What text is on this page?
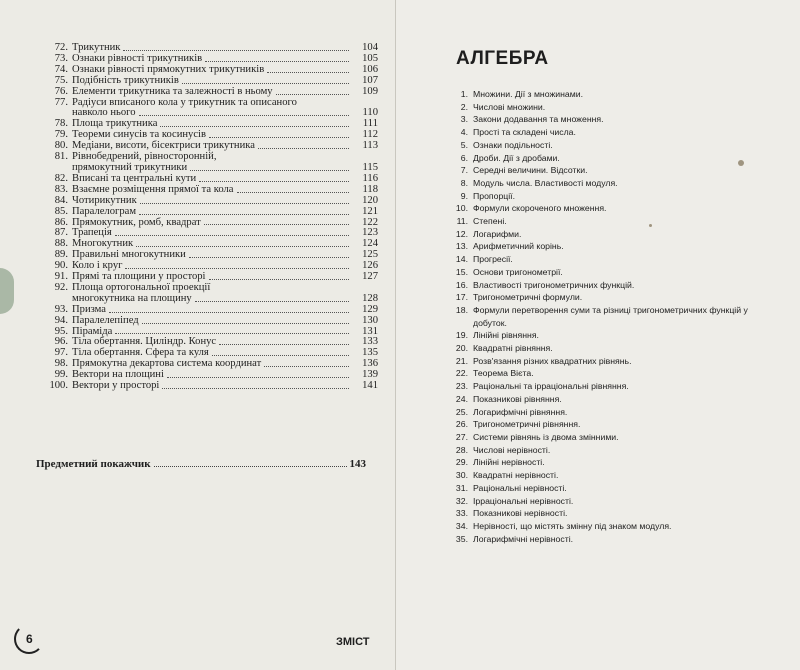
72. Трикутник	104
73. Ознаки рівності трикутників	105
74. Ознаки рівності прямокутних трикутників	106
75. Подібність трикутників	107
76. Елементи трикутника та залежності в ньому	109
77. Радіуси вписаного кола у трикутник та описаного
навколо нього	110
78. Площа трикутника	111
79. Теореми синусів та косинусів	112
80. Медіани, висоти, бісектриси трикутника	113
81. Рівнобедрений, рівносторонній,
прямокутний трикутники	115
82. Вписані та центральні кути	116
83. Взаємне розміщення прямої та кола	118
84. Чотирикутник	120
85. Паралелограм	121
86. Прямокутник, ромб, квадрат	122
87. Трапеція	123
88. Многокутник	124
89. Правильні многокутники	125
90. Коло і круг	126
91. Прямі та площини у просторі	127
92. Площа ортогональної проекції
многокутника на площину	128
93. Призма	129
94. Паралелепіпед	130
95. Піраміда	131
96. Тіла обертання. Циліндр. Конус	133
97. Тіла обертання. Сфера та куля	135
98. Прямокутна декартова система координат	136
99. Вектори на площині	139
100. Вектори у просторі	141
Предметний покажчик	143
6	ЗМІСТ
АЛГЕБРА
1. Множини. Дії з множинами.
2. Числові множини.
3. Закони додавання та множення.
4. Прості та складені числа.
5. Ознаки подільності.
6. Дроби. Дії з дробами.
7. Середні величини. Відсотки.
8. Модуль числа. Властивості модуля.
9. Пропорції.
10. Формули скороченого множення.
11. Степені.
12. Логарифми.
13. Арифметичний корінь.
14. Прогресії.
15. Основи тригонометрії.
16. Властивості тригонометричних функцій.
17. Тригонометричні формули.
18. Формули перетворення суми та різниці тригонометричних функцій у добуток.
19. Лінійні рівняння.
20. Квадратні рівняння.
21. Розв'язання різних квадратних рівнянь.
22. Теорема Вієта.
23. Раціональні та ірраціональні рівняння.
24. Показникові рівняння.
25. Логарифмічні рівняння.
26. Тригонометричні рівняння.
27. Системи рівнянь із двома змінними.
28. Числові нерівності.
29. Лінійні нерівності.
30. Квадратні нерівності.
31. Раціональні нерівності.
32. Ірраціональні нерівності.
33. Показникові нерівності.
34. Нерівності, що містять змінну під знаком модуля.
35. Логарифмічні нерівності.
